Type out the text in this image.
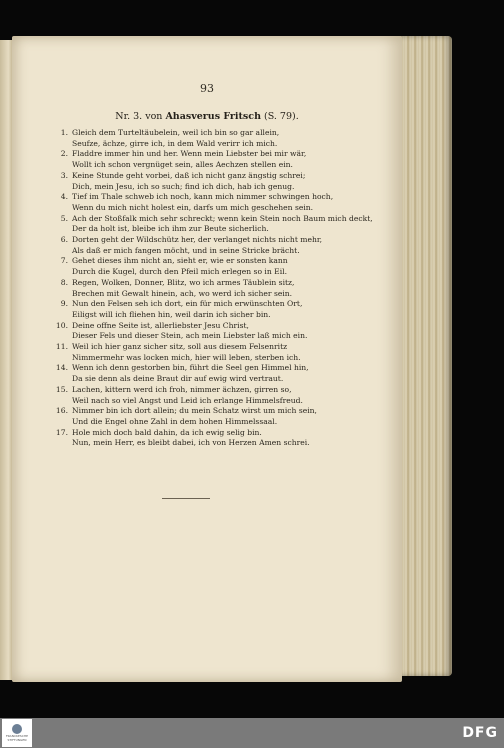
93
Nr. 3. von Ahasverus Fritsch (S. 79).
1. Gleich dem Turteltäubelein, weil ich bin so gar allein,
Seufze, ächze, girre ich, in dem Wald verirr ich mich.
2. Fladdre immer hin und her. Wenn mein Liebster bei mir wär,
Wollt ich schon vergnüget sein, alles Aechzen stellen ein.
3. Keine Stunde geht vorbei, daß ich nicht ganz ängstig schrei;
Dich, mein Jesu, ich so such; find ich dich, hab ich genug.
4. Tief im Thale schweb ich noch, kann mich nimmer schwingen hoch,
Wenn du mich nicht holest ein, darfs um mich geschehen sein.
5. Ach der Stoßfalk mich sehr schreckt; wenn kein Stein noch Baum mich deckt,
Der da holt ist, bleibe ich ihm zur Beute sicherlich.
6. Dorten geht der Wildschütz her, der verlanget nichts nicht mehr,
Als daß er mich fangen möcht, und in seine Stricke brächt.
7. Gehet dieses ihm nicht an, sieht er, wie er sonsten kann
Durch die Kugel, durch den Pfeil mich erlegen so in Eil.
8. Regen, Wolken, Donner, Blitz, wo ich armes Täublein sitz,
Brechen mit Gewalt hinein, ach, wo werd ich sicher sein.
9. Nun den Felsen seh ich dort, ein für mich erwünschten Ort,
Eiligst will ich fliehen hin, weil darin ich sicher bin.
10. Deine offne Seite ist, allerliebster Jesu Christ,
Dieser Fels und dieser Stein, ach mein Liebster laß mich ein.
11. Weil ich hier ganz sicher sitz, soll aus diesem Felsenritz
Nimmermehr was locken mich, hier will leben, sterben ich.
14. Wenn ich denn gestorben bin, führt die Seel gen Himmel hin,
Da sie denn als deine Braut dir auf ewig wird vertraut.
15. Lachen, kittern werd ich froh, nimmer ächzen, girren so,
Weil nach so viel Angst und Leid ich erlange Himmelsfreud.
16. Nimmer bin ich dort allein; du mein Schatz wirst um mich sein,
Und die Engel ohne Zahl in dem hohen Himmelssaal.
17. Hole mich doch bald dahin, da ich ewig selig bin.
Nun, mein Herr, es bleibt dabei, ich von Herzen Amen schrei.
FRANCKESCHE STIFTUNGEN	DFG
